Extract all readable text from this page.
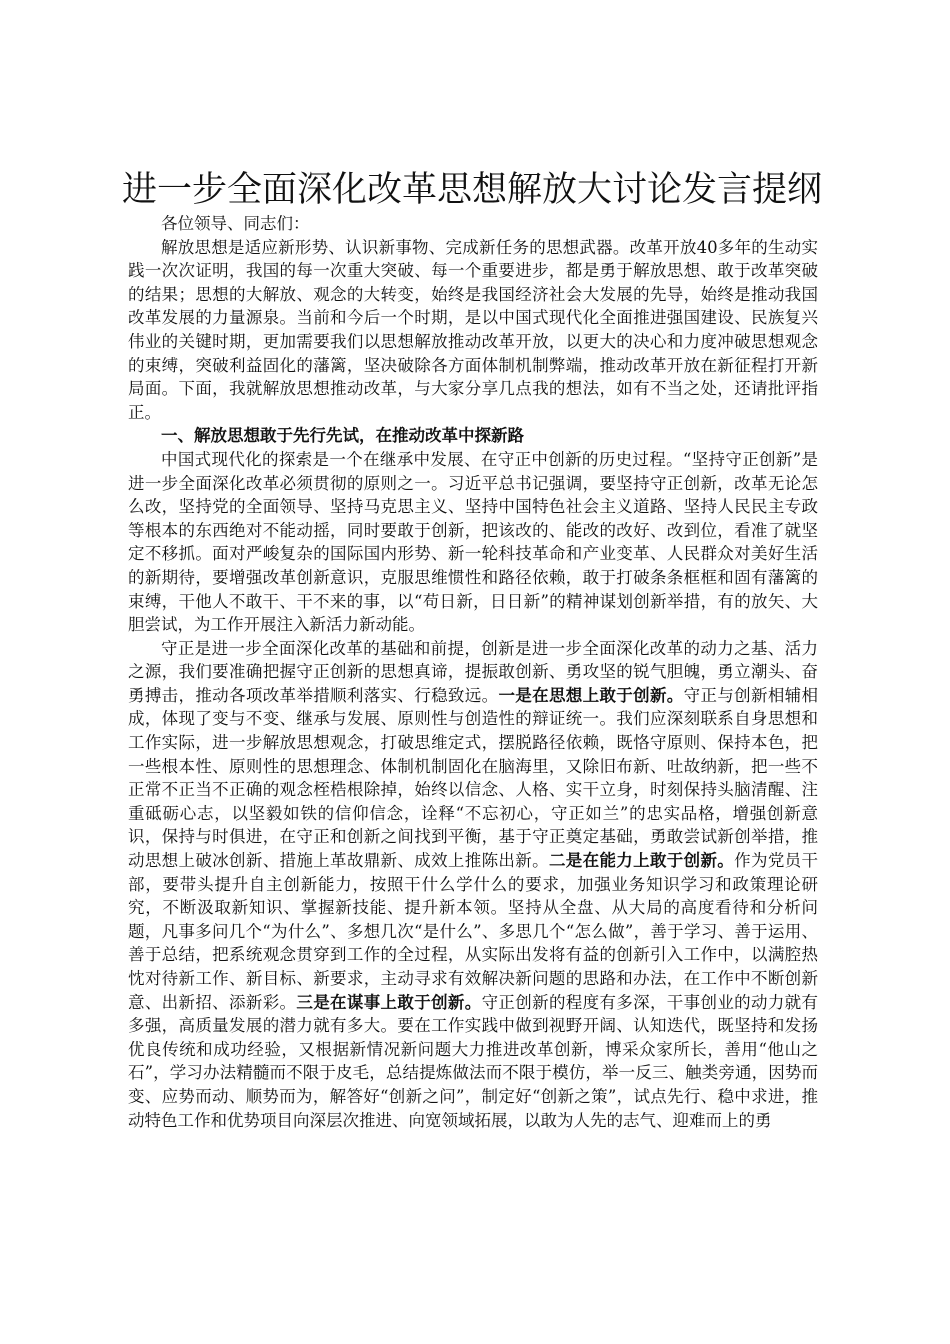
进一步全面深化改革思想解放大讨论发言提纲

各位领导、同志们：

解放思想是适应新形势、认识新事物、完成新任务的思想武器。改革开放40多年的生动实践一次次证明，我国的每一次重大突破、每一个重要进步，都是勇于解放思想、敢于改革突破的结果；思想的大解放、观念的大转变，始终是我国经济社会大发展的先导，始终是推动我国改革发展的力量源泉。当前和今后一个时期，是以中国式现代化全面推进强国建设、民族复兴伟业的关键时期，更加需要我们以思想解放推动改革开放，以更大的决心和力度冲破思想观念的束缚，突破利益固化的藩篱，坚决破除各方面体制机制弊端，推动改革开放在新征程打开新局面。下面，我就解放思想推动改革，与大家分享几点我的想法，如有不当之处，还请批评指正。

一、解放思想敢于先行先试，在推动改革中探新路

中国式现代化的探索是一个在继承中发展、在守正中创新的历史过程。“坚持守正创新”是进一步全面深化改革必须贯彻的原则之一。习近平总书记强调，要坚持守正创新，改革无论怎么改，坚持党的全面领导、坚持马克思主义、坚持中国特色社会主义道路、坚持人民民主专政等根本的东西绝对不能动摇，同时要敢于创新，把该改的、能改的改好、改到位，看准了就坚定不移抓。面对严峻复杂的国际国内形势、新一轮科技革命和产业变革、人民群众对美好生活的新期待，要增强改革创新意识，克服思维惯性和路径依赖，敢于打破条条框框和固有藩篱的束缚，干他人不敢干、干不来的事，以“苟日新，日日新”的精神谋划创新举措，有的放矢、大胆尝试，为工作开展注入新活力新动能。

守正是进一步全面深化改革的基础和前提，创新是进一步全面深化改革的动力之基、活力之源，我们要准确把握守正创新的思想真谛，提振敢创新、勇攻坚的锐气胆魄，勇立潮头、奋勇搏击，推动各项改革举措顺利落实、行稳致远。一是在思想上敢于创新。守正与创新相辅相成，体现了变与不变、继承与发展、原则性与创造性的辩证统一。我们应深刻联系自身思想和工作实际，进一步解放思想观念，打破思维定式，摆脱路径依赖，既恪守原则、保持本色，把一些根本性、原则性的思想理念、体制机制固化在脑海里，又除旧布新、吐故纳新，把一些不正常不正当不正确的观念桎梏根除掉，始终以信念、人格、实干立身，时刻保持头脑清醒、注重砥砺心志，以坚毅如铁的信仰信念，诠释“不忘初心，守正如兰”的忠实品格，增强创新意识，保持与时俱进，在守正和创新之间找到平衡，基于守正奠定基础，勇敢尝试新创举措，推动思想上破冰创新、措施上革故鼎新、成效上推陈出新。二是在能力上敢于创新。作为党员干部，要带头提升自主创新能力，按照干什么学什么的要求，加强业务知识学习和政策理论研究，不断汲取新知识、掌握新技能、提升新本领。坚持从全盘、从大局的高度看待和分析问题，凡事多问几个“为什么”、多想几次“是什么”、多思几个“怎么做”，善于学习、善于运用、善于总结，把系统观念贯穿到工作的全过程，从实际出发将有益的创新引入工作中，以满腔热忱对待新工作、新目标、新要求，主动寻求有效解决新问题的思路和办法，在工作中不断创新意、出新招、添新彩。三是在谋事上敢于创新。守正创新的程度有多深，干事创业的动力就有多强，高质量发展的潜力就有多大。要在工作实践中做到视野开阔、认知迭代，既坚持和发扬优良传统和成功经验，又根据新情况新问题大力推进改革创新，博采众家所长，善用“他山之石”，学习办法精髓而不限于皮毛，总结提炼做法而不限于模仿，举一反三、触类旁通，因势而变、应势而动、顺势而为，解答好“创新之问”，制定好“创新之策”，试点先行、稳中求进，推动特色工作和优势项目向深层次推进、向宽领域拓展，以敢为人先的志气、迎难而上的勇
